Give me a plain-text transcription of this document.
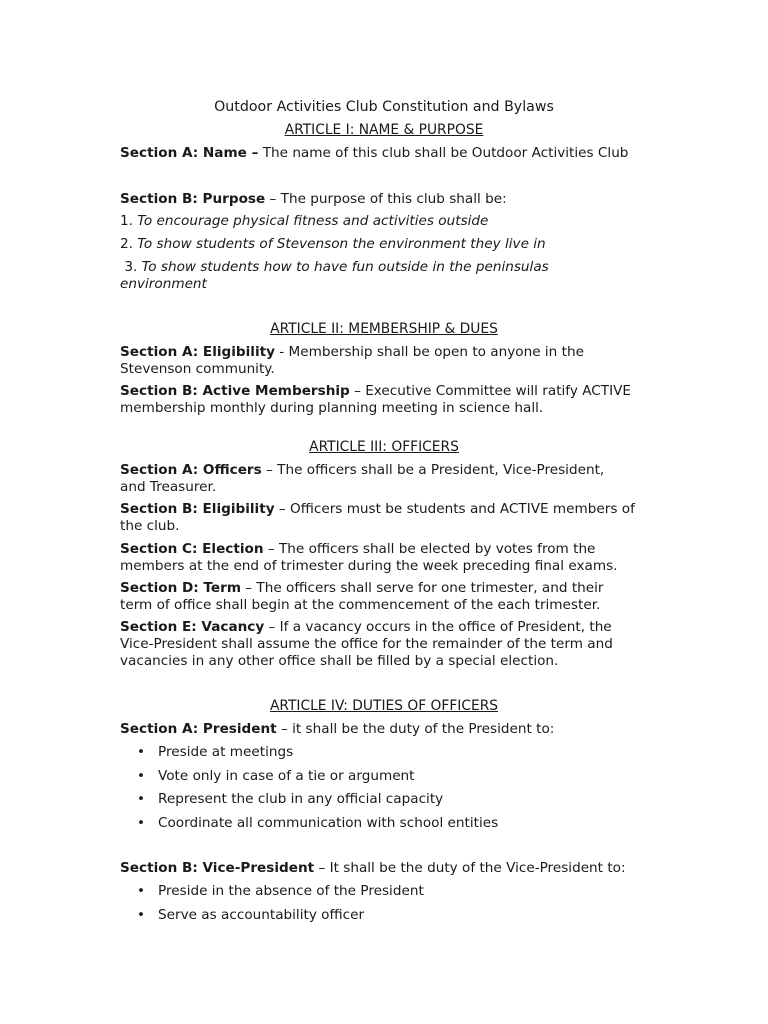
Outdoor Activities Club Constitution and Bylaws
ARTICLE I: NAME & PURPOSE

Section A: Name – The name of this club shall be Outdoor Activities Club

Section B: Purpose – The purpose of this club shall be:

1. To encourage physical fitness and activities outside

2. To show students of Stevenson the environment they live in

3. To show students how to have fun outside in the peninsulas environment

ARTICLE II: MEMBERSHIP & DUES

Section A: Eligibility - Membership shall be open to anyone in the Stevenson community.

Section B: Active Membership – Executive Committee will ratify ACTIVE membership monthly during planning meeting in science hall.

ARTICLE III: OFFICERS

Section A: Officers – The officers shall be a President, Vice-President, and Treasurer.

Section B: Eligibility – Officers must be students and ACTIVE members of the club.

Section C: Election – The officers shall be elected by votes from the members at the end of trimester during the week preceding final exams.

Section D: Term – The officers shall serve for one trimester, and their term of office shall begin at the commencement of the each trimester.

Section E: Vacancy – If a vacancy occurs in the office of President, the Vice-President shall assume the office for the remainder of the term and vacancies in any other office shall be filled by a special election.

ARTICLE IV: DUTIES OF OFFICERS

Section A: President – it shall be the duty of the President to:

• Preside at meetings
• Vote only in case of a tie or argument
• Represent the club in any official capacity
• Coordinate all communication with school entities

Section B: Vice-President – It shall be the duty of the Vice-President to:

• Preside in the absence of the President
• Serve as accountability officer
